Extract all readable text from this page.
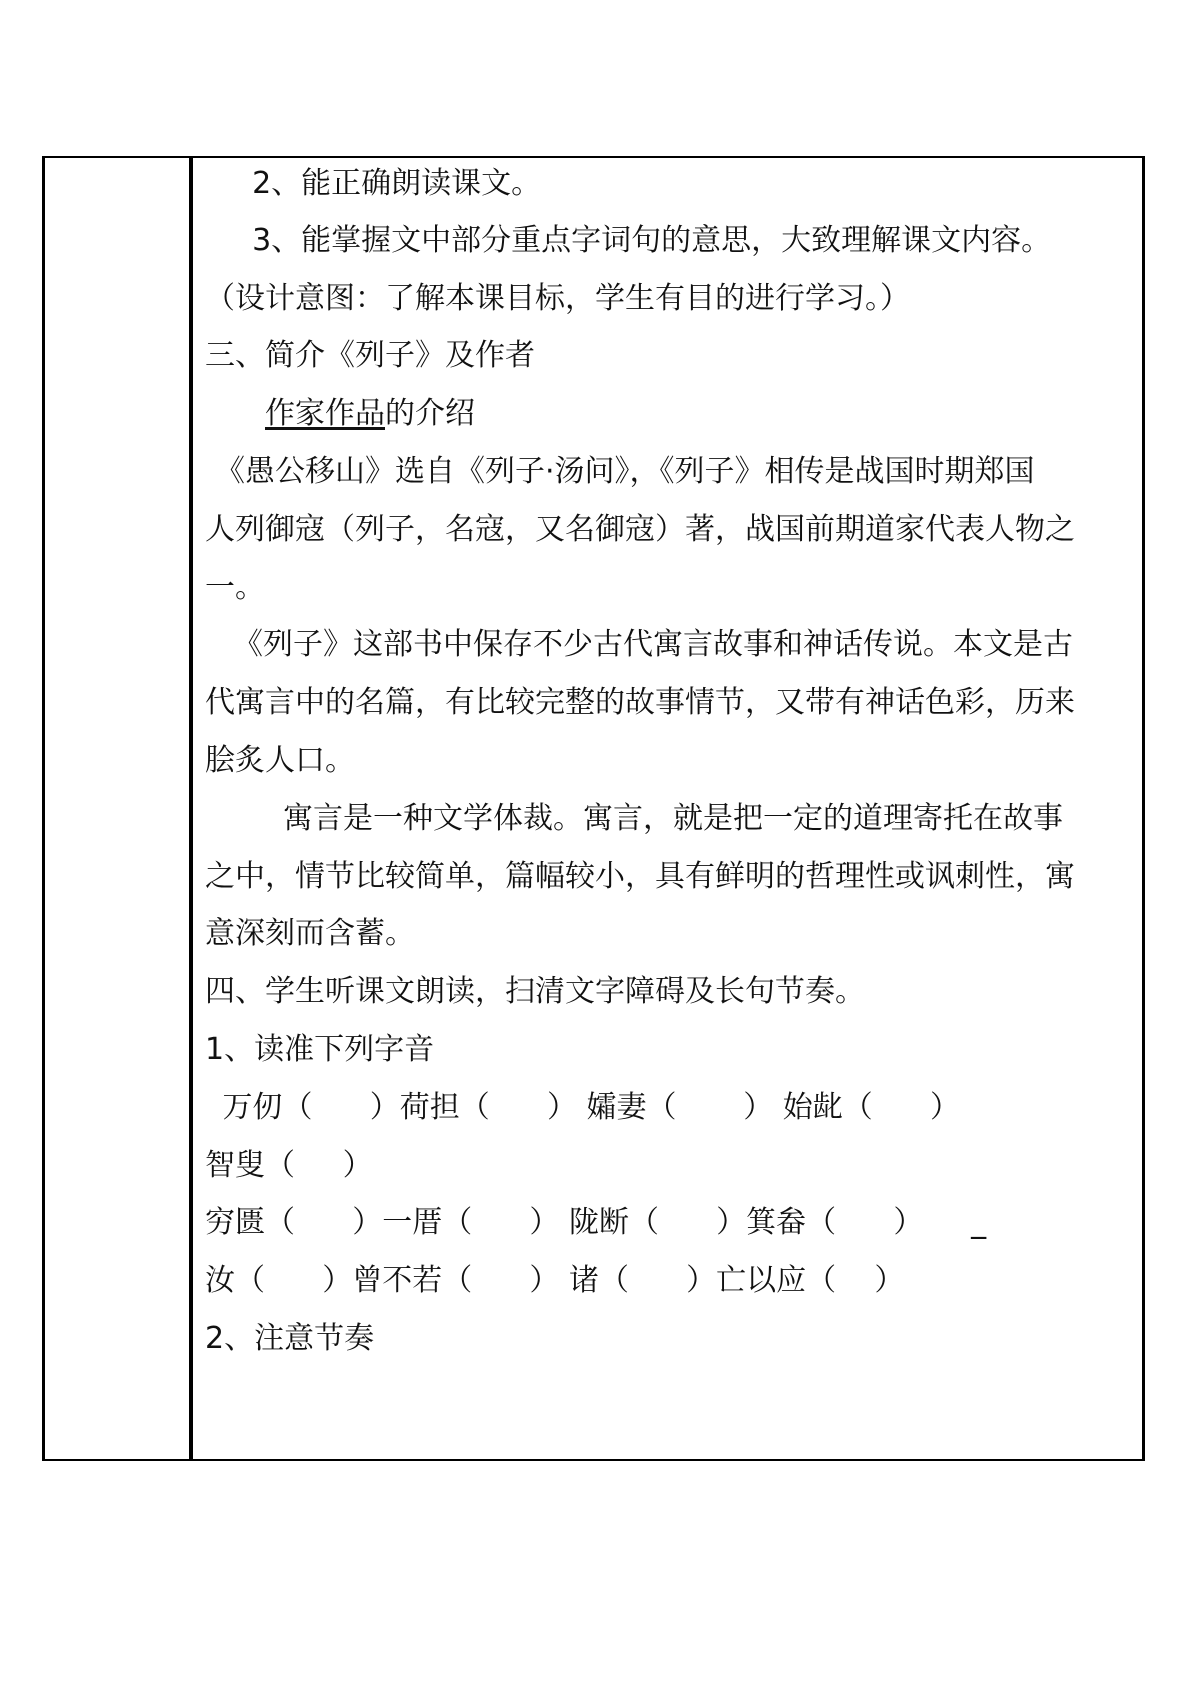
2、能正确朗读课文。
3、能掌握文中部分重点字词句的意思，大致理解课文内容。
（设计意图：了解本课目标，学生有目的进行学习。）
三、简介《列子》及作者
作家作品的介绍
《愚公移山》选自《列子·汤问》，《列子》相传是战国时期郑国
人列御寇（列子，名寇，又名御寇）著，战国前期道家代表人物之
一。
《列子》这部书中保存不少古代寓言故事和神话传说。本文是古
代寓言中的名篇，有比较完整的故事情节，又带有神话色彩，历来
脍炙人口。
寓言是一种文学体裁。寓言，就是把一定的道理寄托在故事
之中，情节比较简单，篇幅较小，具有鲜明的哲理性或讽刺性，寓
意深刻而含蓄。
四、学生听课文朗读，扫清文字障碍及长句节奏。
1、读准下列字音
万仞（      ）荷担（      ） 孀妻（       ） 始龀（      ）
智叟（     ）
穷匮（      ）一厝（      ） 陇断（      ）箕畚（      ）     _
汝（      ）曾不若（      ） 诸（      ）亡以应（    ）
2、注意节奏
